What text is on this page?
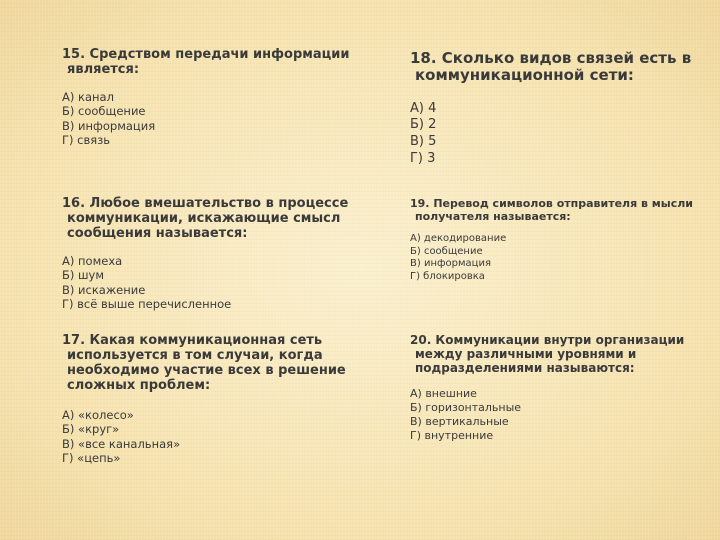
15. Средством передачи информации
является:

А) канал
Б) сообщение
В) информация
Г) связь

18. Сколько видов связей есть в
коммуникационной сети:

А) 4
Б) 2
В) 5
Г) 3

16. Любое вмешательство в процессе
коммуникации, искажающие смысл
сообщения называется:

А) помеха
Б) шум
В) искажение
Г) всё выше перечисленное

19. Перевод символов отправителя в мысли
получателя называется:

А) декодирование
Б) сообщение
В) информация
Г) блокировка

17. Какая коммуникационная сеть
используется в том случаи, когда
необходимо участие всех в решение
сложных проблем:

А) «колесо»
Б) «круг»
В) «все канальная»
Г) «цепь»

20. Коммуникации внутри организации
между различными уровнями и
подразделениями называются:

А) внешние
Б) горизонтальные
В) вертикальные
Г) внутренние
